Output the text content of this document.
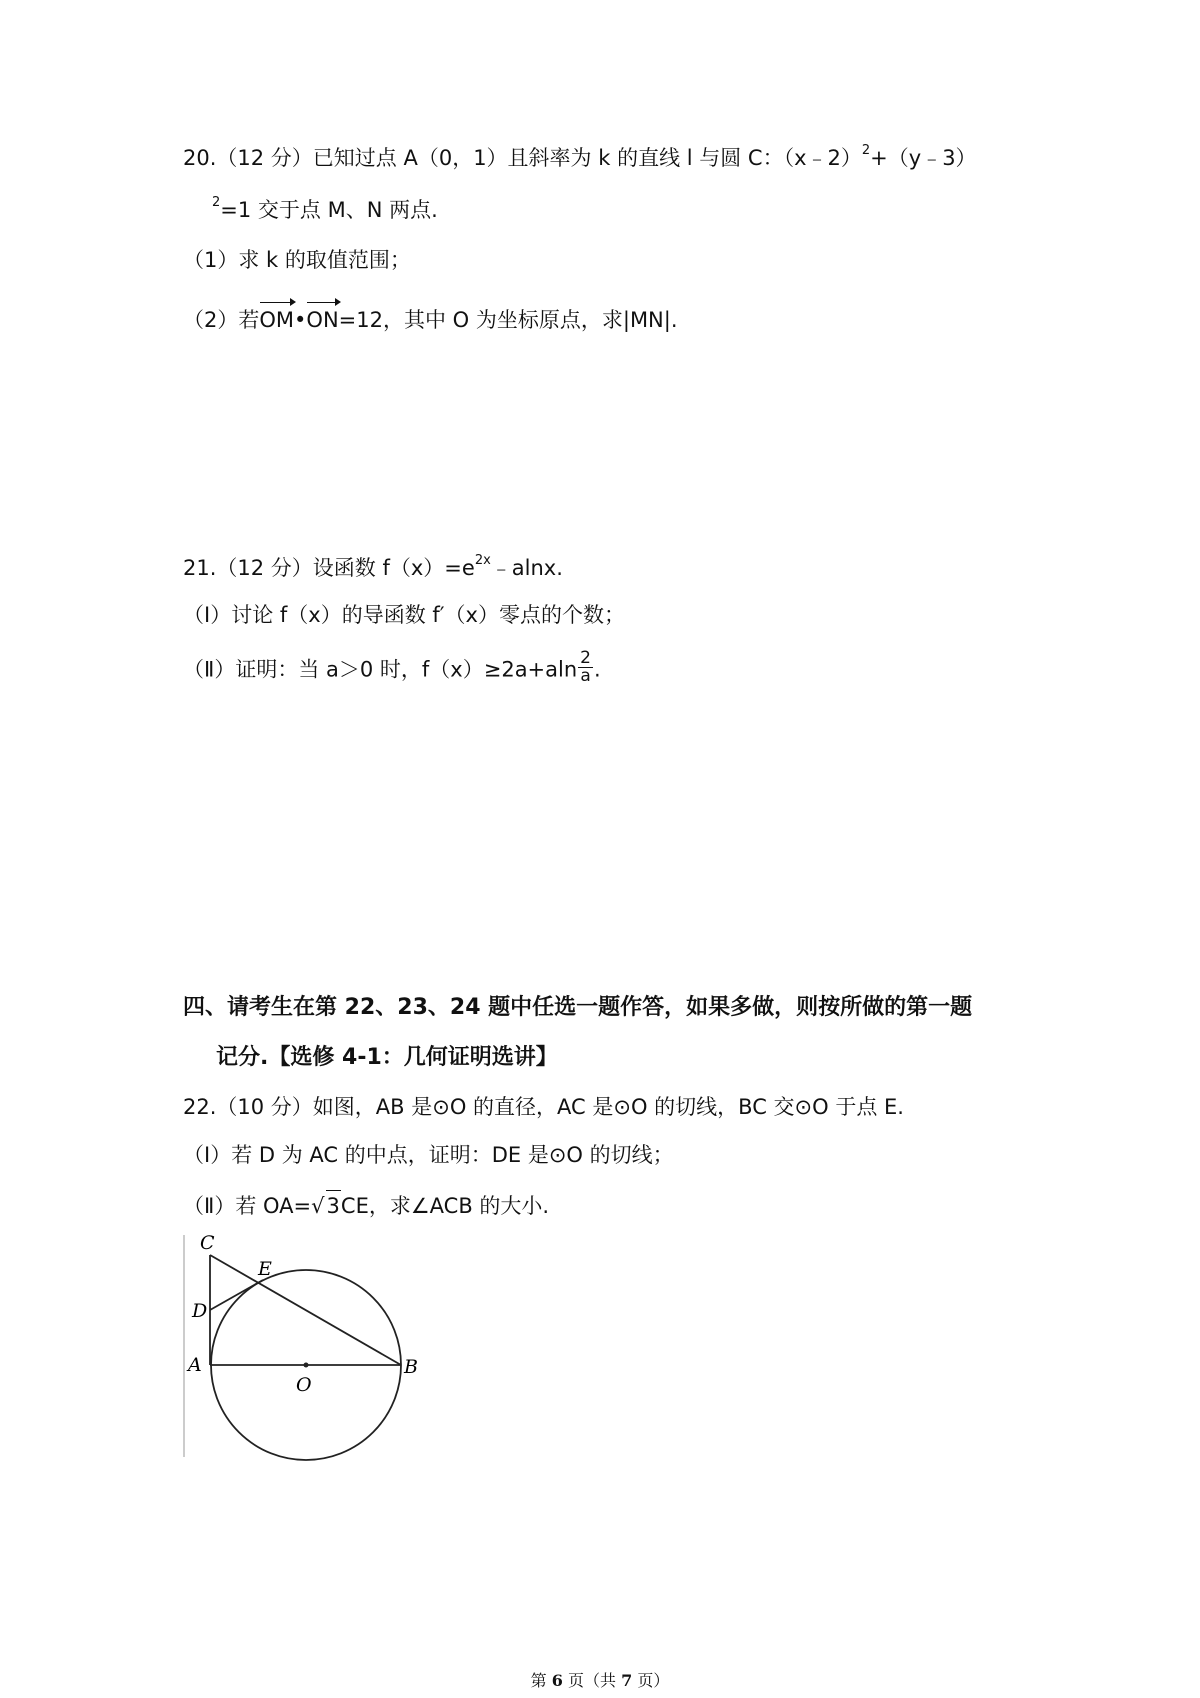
20.（12 分）已知过点 A（0，1）且斜率为 k 的直线 l 与圆 C：（x﹣2）$^2$+（y﹣3）
$^2$=1 交于点 M、N 两点.
（1）求 k 的取值范围；
（2）若OM•ON=12，其中 O 为坐标原点，求|MN|.
21.（12 分）设函数 $f(x)=e^{2x}﹣alnx$.
（Ⅰ）讨论 f（x）的导函数 f′（x）零点的个数；
（Ⅱ）证明：当 a＞0 时，$f(x)\ge 2a+aln \frac{2}{a}$ .
四、请考生在第 22、23、24 题中任选一题作答，如果多做，则按所做的第一题
记分.【选修 4-1：几何证明选讲】
22.（10 分）如图，AB 是⊙O 的直径，AC 是⊙O 的切线，BC 交⊙O 于点 E.
（Ⅰ）若 D 为 AC 的中点，证明：DE 是⊙O 的切线；
（Ⅱ）若 OA=√3CE，求∠ACB 的大小.
C
E
D
A
O
B
第 6 页（共 7 页）
